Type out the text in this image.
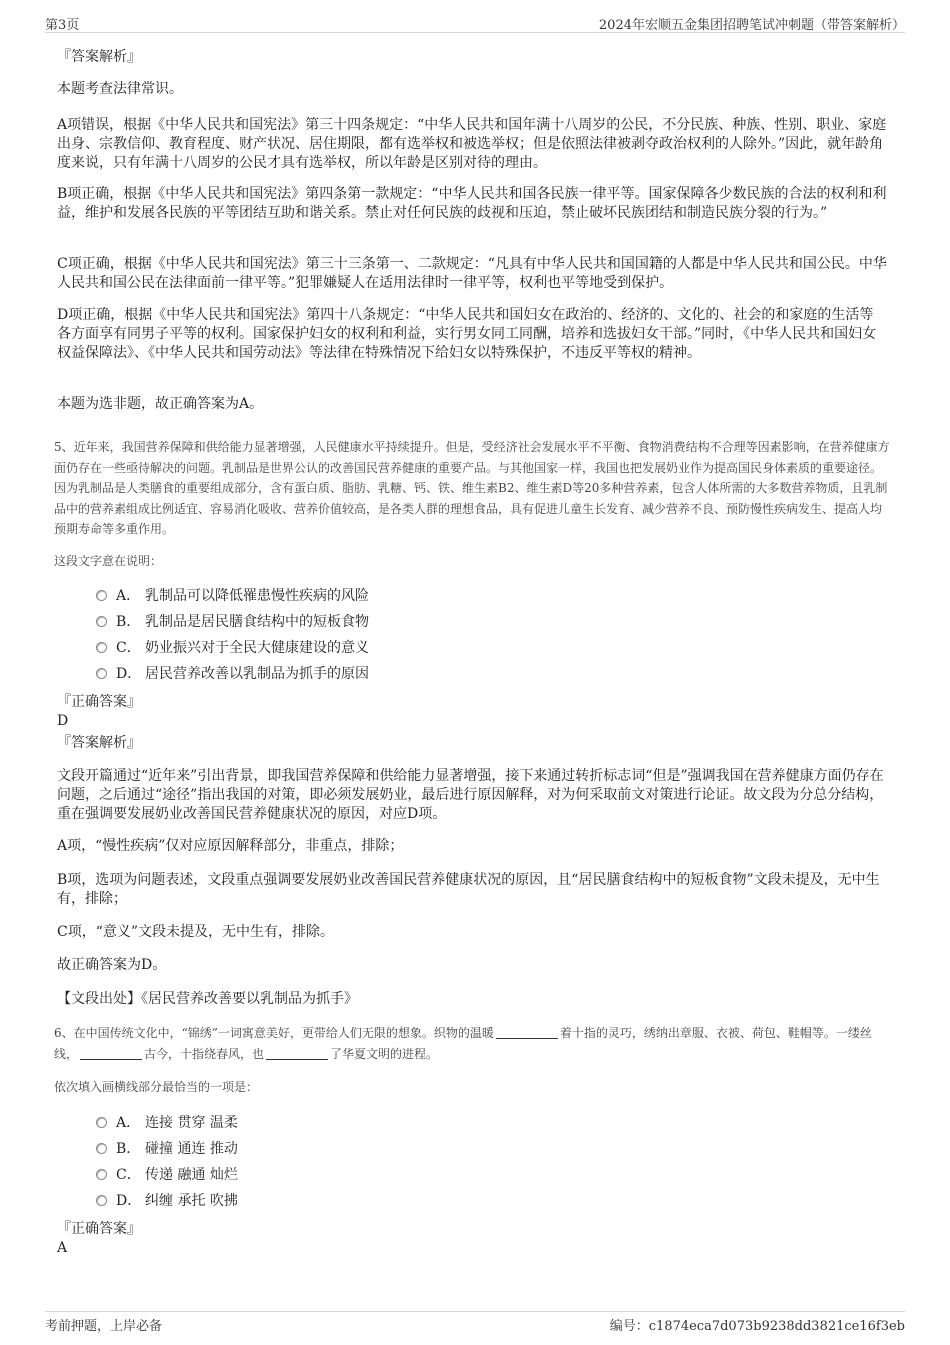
第3页	2024年宏顺五金集团招聘笔试冲刺题（带答案解析）

『答案解析』

本题考查法律常识。

A项错误，根据《中华人民共和国宪法》第三十四条规定：“中华人民共和国年满十八周岁的公民，不分民族、种族、性别、职业、家庭出身、宗教信仰、教育程度、财产状况、居住期限，都有选举权和被选举权；但是依照法律被剥夺政治权利的人除外。”因此，就年龄角度来说，只有年满十八周岁的公民才具有选举权，所以年龄是区别对待的理由。

B项正确，根据《中华人民共和国宪法》第四条第一款规定：“中华人民共和国各民族一律平等。国家保障各少数民族的合法的权利和利益，维护和发展各民族的平等团结互助和谐关系。禁止对任何民族的歧视和压迫，禁止破坏民族团结和制造民族分裂的行为。”

C项正确，根据《中华人民共和国宪法》第三十三条第一、二款规定：“凡具有中华人民共和国国籍的人都是中华人民共和国公民。中华人民共和国公民在法律面前一律平等。”犯罪嫌疑人在适用法律时一律平等，权利也平等地受到保护。

D项正确，根据《中华人民共和国宪法》第四十八条规定：“中华人民共和国妇女在政治的、经济的、文化的、社会的和家庭的生活等各方面享有同男子平等的权利。国家保护妇女的权利和利益，实行男女同工同酬，培养和选拔妇女干部。”同时，《中华人民共和国妇女权益保障法》、《中华人民共和国劳动法》等法律在特殊情况下给妇女以特殊保护，不违反平等权的精神。

本题为选非题，故正确答案为A。

5、近年来，我国营养保障和供给能力显著增强，人民健康水平持续提升。但是，受经济社会发展水平不平衡、食物消费结构不合理等因素影响，在营养健康方面仍存在一些亟待解决的问题。乳制品是世界公认的改善国民营养健康的重要产品。与其他国家一样，我国也把发展奶业作为提高国民身体素质的重要途径。因为乳制品是人类膳食的重要组成部分，含有蛋白质、脂肪、乳糖、钙、铁、维生素B2、维生素D等20多种营养素，包含人体所需的大多数营养物质，且乳制品中的营养素组成比例适宜、容易消化吸收、营养价值较高，是各类人群的理想食品，具有促进儿童生长发育、减少营养不良、预防慢性疾病发生、提高人均预期寿命等多重作用。

这段文字意在说明：

A． 乳制品可以降低罹患慢性疾病的风险
B． 乳制品是居民膳食结构中的短板食物
C． 奶业振兴对于全民大健康建设的意义
D． 居民营养改善以乳制品为抓手的原因

『正确答案』

D

『答案解析』

文段开篇通过“近年来”引出背景，即我国营养保障和供给能力显著增强，接下来通过转折标志词“但是”强调我国在营养健康方面仍存在问题，之后通过“途径”指出我国的对策，即必须发展奶业，最后进行原因解释，对为何采取前文对策进行论证。故文段为分总分结构，重在强调要发展奶业改善国民营养健康状况的原因，对应D项。

A项，“慢性疾病”仅对应原因解释部分，非重点，排除；

B项，选项为问题表述，文段重点强调要发展奶业改善国民营养健康状况的原因，且“居民膳食结构中的短板食物”文段未提及，无中生有，排除；

C项，“意义”文段未提及，无中生有，排除。

故正确答案为D。

【文段出处】《居民营养改善要以乳制品为抓手》

6、在中国传统文化中，“锦绣”一词寓意美好，更带给人们无限的想象。织物的温暖	着十指的灵巧，绣纳出章服、衣被、荷包、鞋帽等。一缕丝线，	古今，十指绕春风，也	了华夏文明的进程。

依次填入画横线部分最恰当的一项是：

A． 连接 贯穿 温柔
B． 碰撞 通连 推动
C． 传递 融通 灿烂
D． 纠缠 承托 吹拂

『正确答案』

A

考前押题，上岸必备	编号：c1874eca7d073b9238dd3821ce16f3eb
